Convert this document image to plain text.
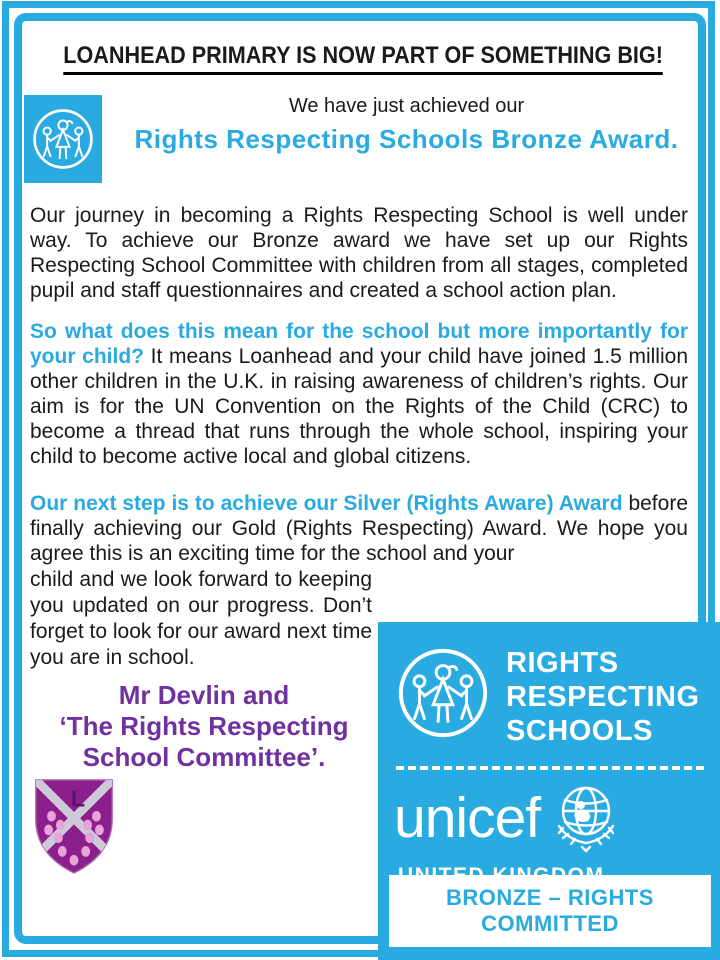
LOANHEAD PRIMARY IS NOW PART OF SOMETHING BIG!
We have just achieved our
Rights Respecting Schools Bronze Award.

Our journey in becoming a Rights Respecting School is well under way. To achieve our Bronze award we have set up our Rights Respecting School Committee with children from all stages, completed pupil and staff questionnaires and created a school action plan.

So what does this mean for the school but more importantly for your child? It means Loanhead and your child have joined 1.5 million other children in the U.K. in raising awareness of children’s rights. Our aim is for the UN Convention on the Rights of the Child (CRC) to become a thread that runs through the whole school, inspiring your child to become active local and global citizens.

Our next step is to achieve our Silver (Rights Aware) Award before finally achieving our Gold (Rights Respecting) Award. We hope you agree this is an exciting time for the school and your

child and we look forward to keeping you updated on our progress. Don’t forget to look for our award next time you are in school.

Mr Devlin and
‘The Rights Respecting
School Committee’.
L
RIGHTS
RESPECTING
SCHOOLS
unicef
BRONZE – RIGHTS COMMITTED
